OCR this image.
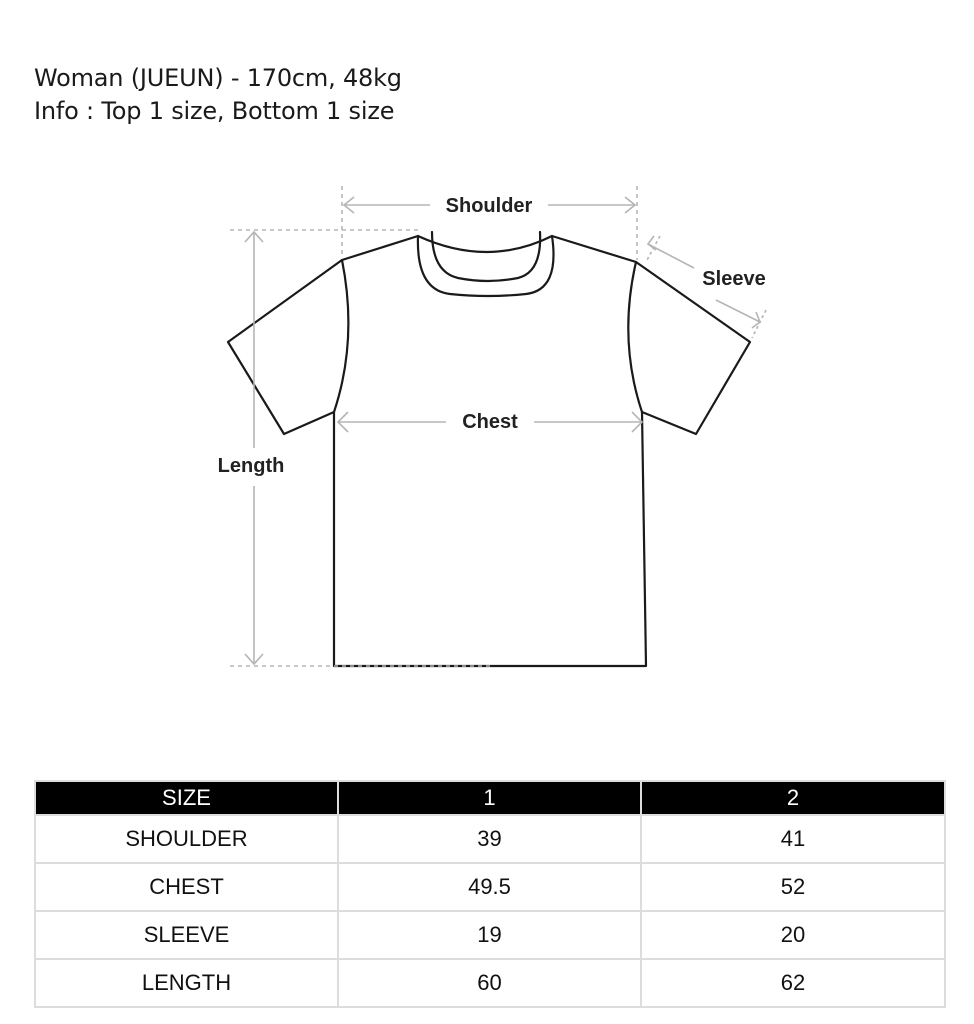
Woman (JUEUN) - 170cm, 48kg
Info : Top 1 size, Bottom 1 size
Shoulder
Sleeve
Chest
Length
SIZE	1	2
SHOULDER	39	41
CHEST	49.5	52
SLEEVE	19	20
LENGTH	60	62
